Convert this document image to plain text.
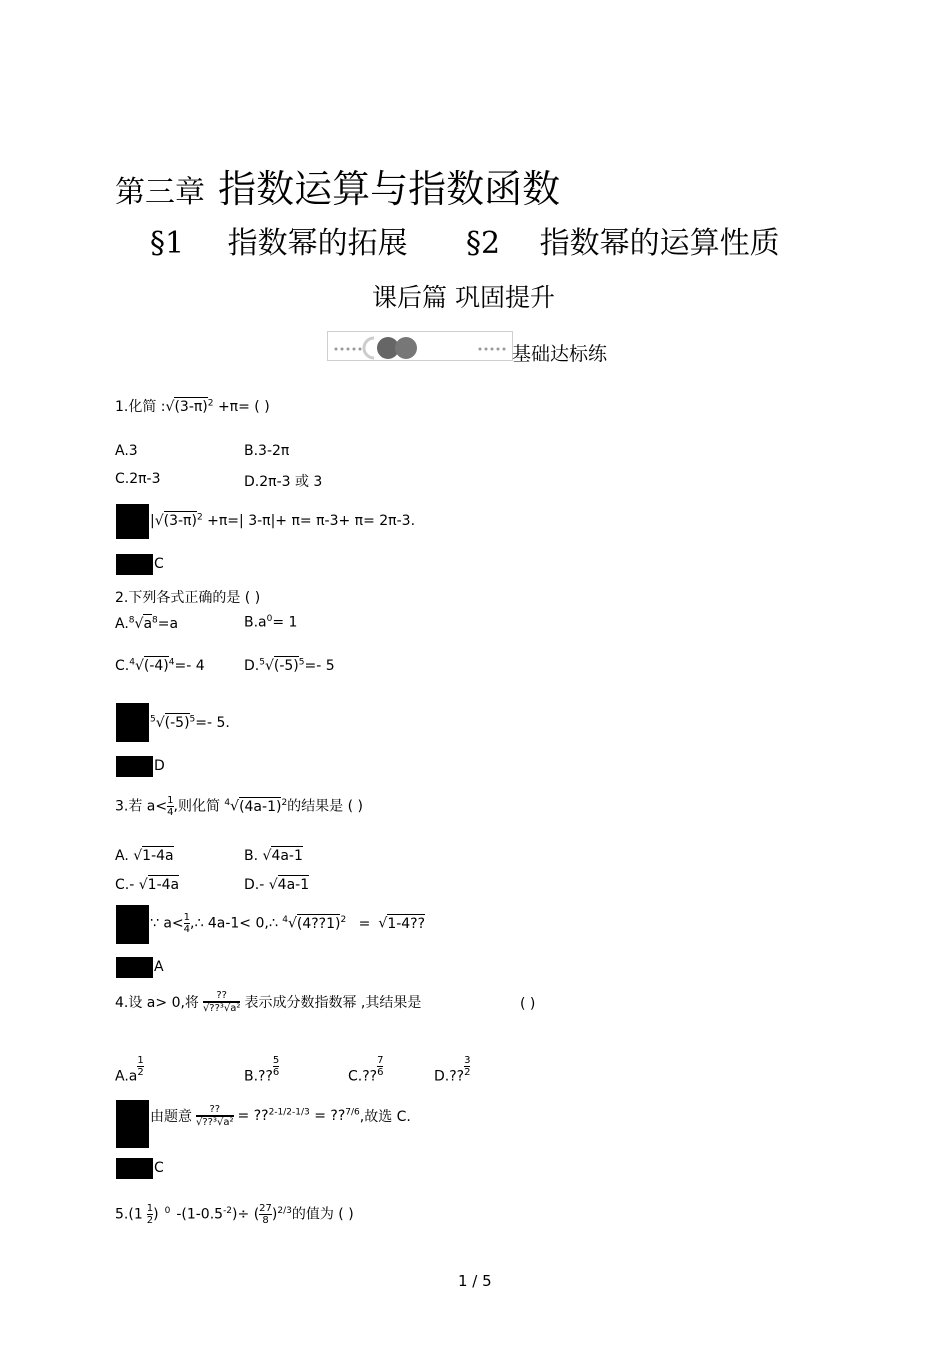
第三章 指数运算与指数函数
§1 指数幂的拓展 §2 指数幂的运算性质
课后篇 巩固提升
基础达标练
1.化简 $:√(3-\pi)^2 +\pi=$ ( )
A.3	B.3-2π
C.2π-3	D.2π-3 或 3
$|√(3-\pi)^2 +\pi=|$ 3-π|+ π= π-3+ π= 2π-3.
C
2.下列各式正确的是 ( )
$A.^8√a^8=a$	$B.a^0= 1$
$C.^4√(-4)^4=-$ 4	$D.^5√(-5)^5=-$ 5
$^5√(-5)^5=-$ 5.
D
3.若 $a< \frac{1}{4}$ ,则化简 $^4√(4a-1)^2$的结果是 ( )
A. √1-4a	B. √4a-1
C.- √1-4a	D.- √4a-1
∵ $a< \frac{1}{4}$ ,∴ 4a-1< 0,∴ $^4$√(4??1)$^2$ = √1-4??
A
4.设 a> 0,将 $\frac{??}{\text{√??³√a²}}$ 表示成分数指数幂 ,其结果是	( )
A.a $^{\frac{1}{2}}$	B.?? $^{\frac{5}{6}}$	C.?? $^{\frac{7}{6}}$	D.?? $^{\frac{3}{2}}$
由题意 $\frac{??}{\text{√??³√a²}}$ = ??$^{2-1/2-1/3}$ = ??$^{7/6}$,故选 C.
C
$5.(1 \frac{1}{2}$ ) $^0$ $-(1-0.5^{-2})\div$ ( $\frac{27}{8} )^{2/3}$的值为 ( )
1 / 5
